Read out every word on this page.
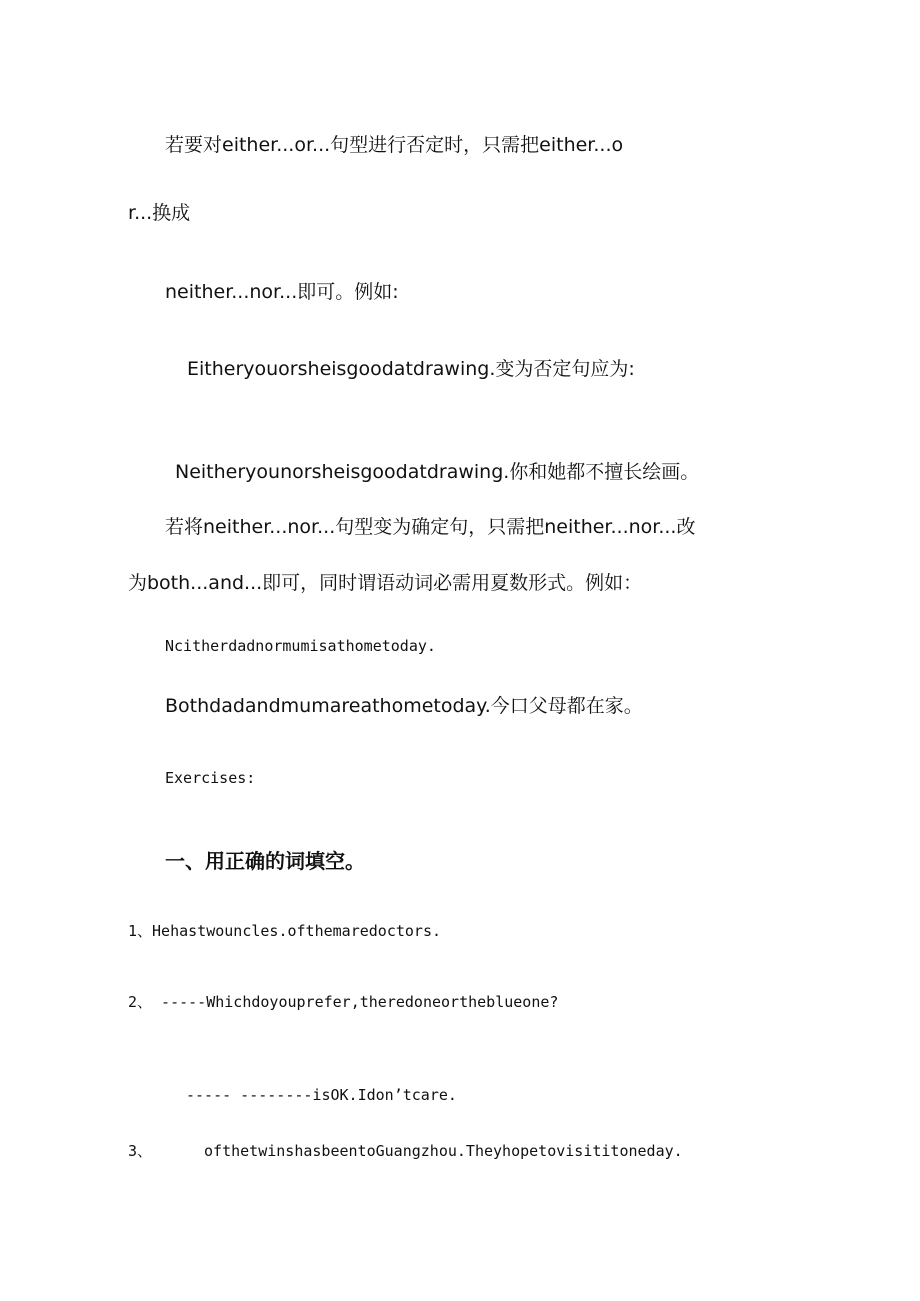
若要对either...or...句型进行否定时，只需把either...o
r...换成
neither...nor...即可。例如:
Eitheryouorsheisgoodatdrawing.变为否定句应为:
Neitheryounorsheisgoodatdrawing.你和她都不擅长绘画。
若将neither...nor...句型变为确定句，只需把neither...nor...改
为both...and...即可，同时谓语动词必需用夏数形式。例如：
Ncitherdadnormumisathometoday.
Bothdadandmumareathometoday.今口父母都在家。
Exercises:
一、用正确的词填空。
1、Hehastwouncles.ofthemaredoctors.
2、 -----Whichdoyouprefer,theredoneortheblueone?
----- --------isOK.Idon’tcare.
3、	ofthetwinshasbeentoGuangzhou.Theyhopetovisititoneday.
